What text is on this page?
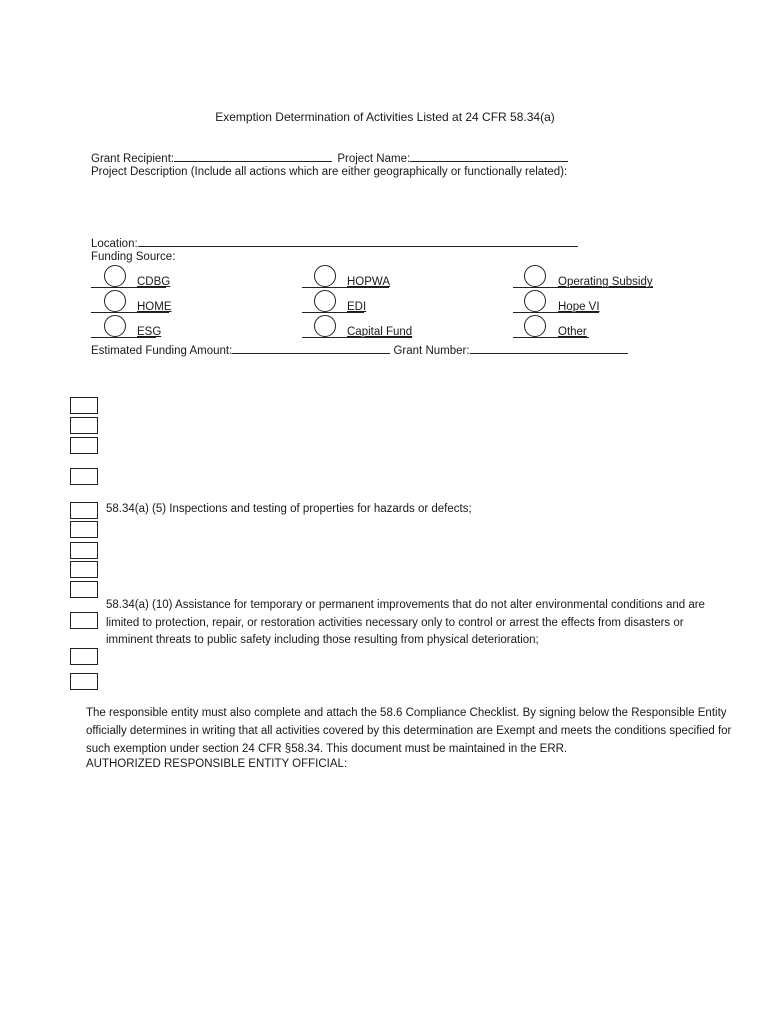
Exemption Determination of Activities Listed at 24 CFR 58.34(a)
Grant Recipient:	Project Name:
Project Description (Include all actions which are either geographically or functionally related):
Location:
Funding Source:
CDBG	HOPWA	Operating Subsidy
HOME	EDI	Hope VI
ESG	Capital Fund	Other
Estimated Funding Amount:	Grant Number:
58.34(a) (5) Inspections and testing of properties for hazards or defects;
58.34(a) (10) Assistance for temporary or permanent improvements that do not alter environmental conditions and are limited to protection, repair, or restoration activities necessary only to control or arrest the effects from disasters or imminent threats to public safety including those resulting from physical deterioration;
The responsible entity must also complete and attach the 58.6 Compliance Checklist. By signing below the Responsible Entity officially determines in writing that all activities covered by this determination are Exempt and meets the conditions specified for such exemption under section 24 CFR §58.34. This document must be maintained in the ERR.
AUTHORIZED RESPONSIBLE ENTITY OFFICIAL:
